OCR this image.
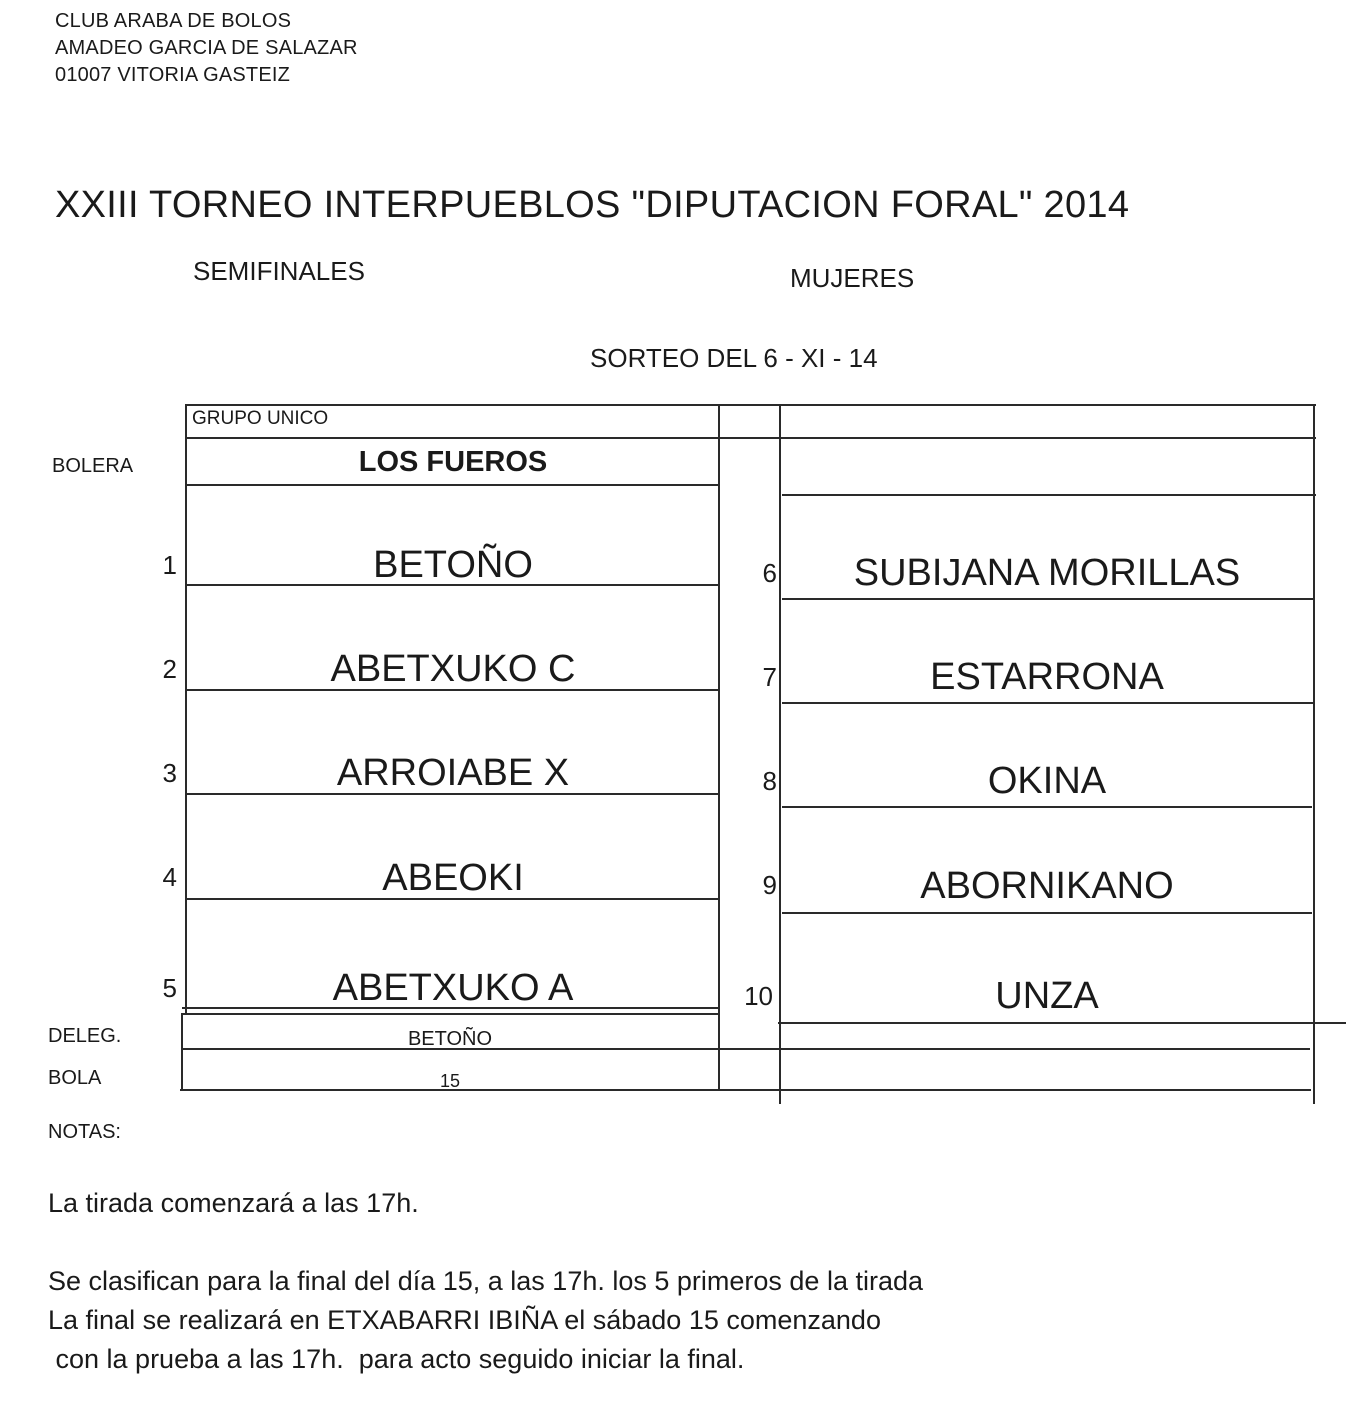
CLUB ARABA DE BOLOS
AMADEO GARCIA DE SALAZAR
01007 VITORIA GASTEIZ
XXIII TORNEO INTERPUEBLOS "DIPUTACION FORAL" 2014
SEMIFINALES	MUJERES
SORTEO DEL 6 - XI - 14
GRUPO UNICO
BOLERA	LOS FUEROS
1	BETOÑO	6	SUBIJANA MORILLAS
2	ABETXUKO C	7	ESTARRONA
3	ARROIABE X	8	OKINA
4	ABEOKI	9	ABORNIKANO
5	ABETXUKO A	10	UNZA
DELEG.	BETOÑO
BOLA	15
NOTAS:
La tirada comenzará a las 17h.
Se clasifican para la final del día 15, a las 17h. los 5 primeros de la tirada
La final se realizará en ETXABARRI IBIÑA el sábado 15 comenzando
con la prueba a las 17h.  para acto seguido iniciar la final.
